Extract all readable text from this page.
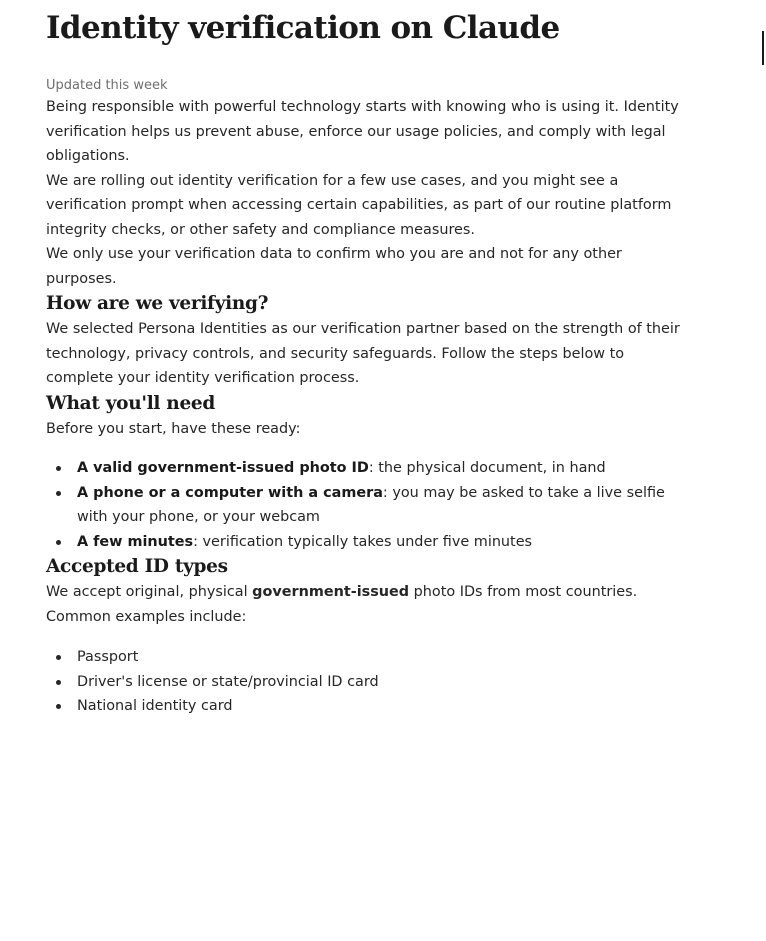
Identity verification on Claude
Updated this week

Being responsible with powerful technology starts with knowing who is using it. Identity verification helps us prevent abuse, enforce our usage policies, and comply with legal obligations.

We are rolling out identity verification for a few use cases, and you might see a verification prompt when accessing certain capabilities, as part of our routine platform integrity checks, or other safety and compliance measures.

We only use your verification data to confirm who you are and not for any other purposes.

How are we verifying?

We selected Persona Identities as our verification partner based on the strength of their technology, privacy controls, and security safeguards. Follow the steps below to complete your identity verification process.

What you'll need

Before you start, have these ready:

A valid government-issued photo ID: the physical document, in hand
A phone or a computer with a camera: you may be asked to take a live selfie with your phone, or your webcam
A few minutes: verification typically takes under five minutes
Accepted ID types

We accept original, physical government-issued photo IDs from most countries. Common examples include:

Passport
Driver's license or state/provincial ID card
National identity card
